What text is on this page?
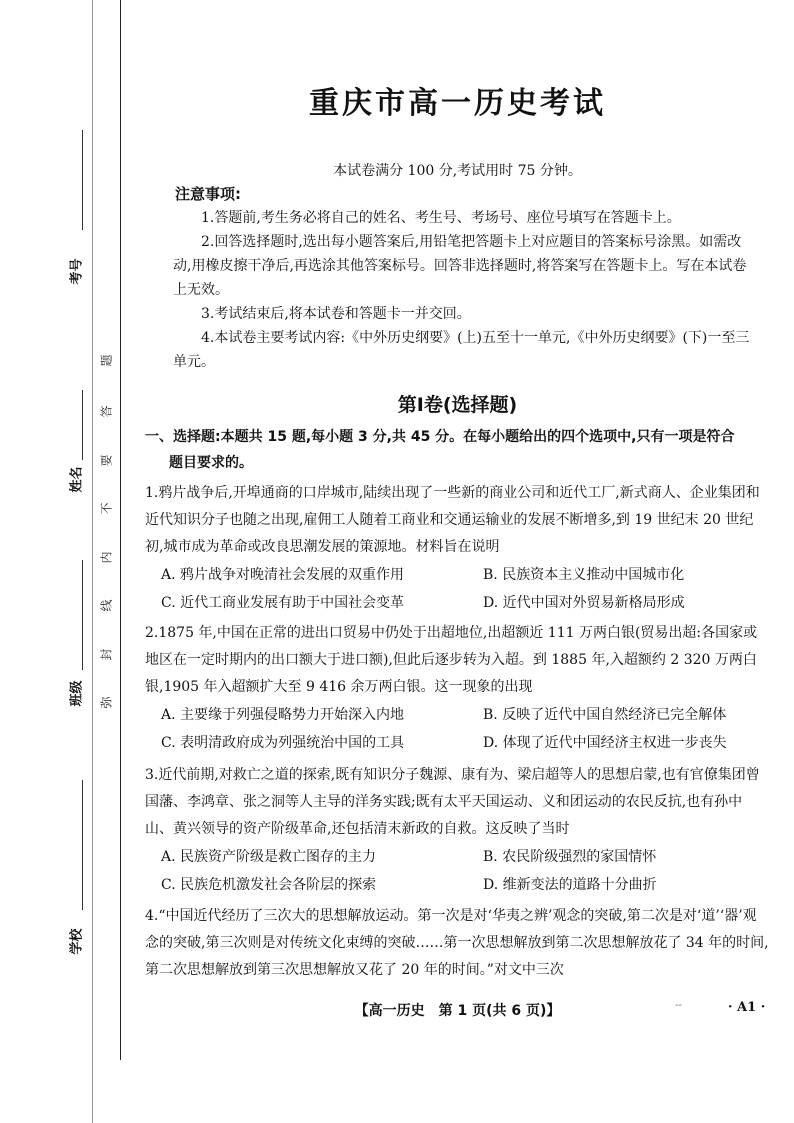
考号
姓名
班级
学校
题
答
要
不
内
线
封
弥
重庆市高一历史考试
本试卷满分 100 分,考试用时 75 分钟。
注意事项:
1.答题前,考生务必将自己的姓名、考生号、考场号、座位号填写在答题卡上。
2.回答选择题时,选出每小题答案后,用铅笔把答题卡上对应题目的答案标号涂黑。如需改动,用橡皮擦干净后,再选涂其他答案标号。回答非选择题时,将答案写在答题卡上。写在本试卷上无效。
3.考试结束后,将本试卷和答题卡一并交回。
4.本试卷主要考试内容:《中外历史纲要》(上)五至十一单元,《中外历史纲要》(下)一至三单元。
第Ⅰ卷(选择题)
一、选择题:本题共 15 题,每小题 3 分,共 45 分。在每小题给出的四个选项中,只有一项是符合
题目要求的。
1.鸦片战争后,开埠通商的口岸城市,陆续出现了一些新的商业公司和近代工厂,新式商人、企业集团和近代知识分子也随之出现,雇佣工人随着工商业和交通运输业的发展不断增多,到 19 世纪末 20 世纪初,城市成为革命或改良思潮发展的策源地。材料旨在说明
A. 鸦片战争对晚清社会发展的双重作用	B. 民族资本主义推动中国城市化
C. 近代工商业发展有助于中国社会变革	D. 近代中国对外贸易新格局形成
2.1875 年,中国在正常的进出口贸易中仍处于出超地位,出超额近 111 万两白银(贸易出超:各国家或地区在一定时期内的出口额大于进口额),但此后逐步转为入超。到 1885 年,入超额约 2 320 万两白银,1905 年入超额扩大至 9 416 余万两白银。这一现象的出现
A. 主要缘于列强侵略势力开始深入内地	B. 反映了近代中国自然经济已完全解体
C. 表明清政府成为列强统治中国的工具	D. 体现了近代中国经济主权进一步丧失
3.近代前期,对救亡之道的探索,既有知识分子魏源、康有为、梁启超等人的思想启蒙,也有官僚集团曾国藩、李鸿章、张之洞等人主导的洋务实践;既有太平天国运动、义和团运动的农民反抗,也有孙中山、黄兴领导的资产阶级革命,还包括清末新政的自救。这反映了当时
A. 民族资产阶级是救亡图存的主力	B. 农民阶级强烈的家国情怀
C. 民族危机激发社会各阶层的探索	D. 维新变法的道路十分曲折
4.“中国近代经历了三次大的思想解放运动。第一次是对‘华夷之辨’观念的突破,第二次是对‘道’‘器’观念的突破,第三次则是对传统文化束缚的突破……第一次思想解放到第二次思想解放花了 34 年的时间,第二次思想解放到第三次思想解放又花了 20 年的时间。”对文中三次
【高一历史　第 1 页(共 6 页)】	--	· A1 ·
